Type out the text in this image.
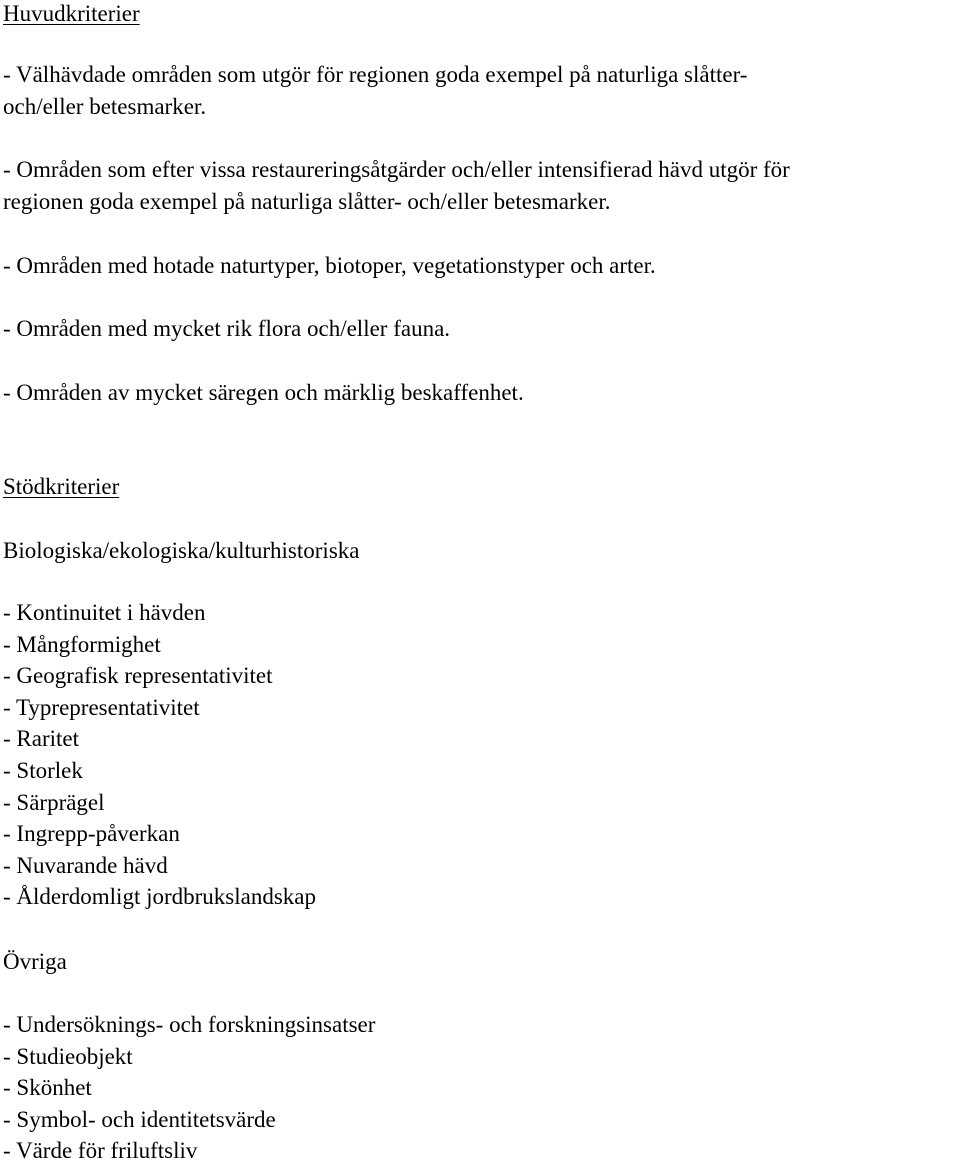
Huvudkriterier
- Välhävdade områden som utgör för regionen goda exempel på naturliga slåtter-
och/eller betesmarker.
- Områden som efter vissa restaureringsåtgärder och/eller intensifierad hävd utgör för
regionen goda exempel på naturliga slåtter- och/eller betesmarker.
- Områden med hotade naturtyper, biotoper, vegetationstyper och arter.
- Områden med mycket rik flora och/eller fauna.
- Områden av mycket säregen och märklig beskaffenhet.
Stödkriterier
Biologiska/ekologiska/kulturhistoriska
- Kontinuitet i hävden
- Mångformighet
- Geografisk representativitet
- Typrepresentativitet
- Raritet
- Storlek
- Särprägel
- Ingrepp-påverkan
- Nuvarande hävd
- Ålderdomligt jordbrukslandskap
Övriga
- Undersöknings- och forskningsinsatser
- Studieobjekt
- Skönhet
- Symbol- och identitetsvärde
- Värde för friluftsliv
